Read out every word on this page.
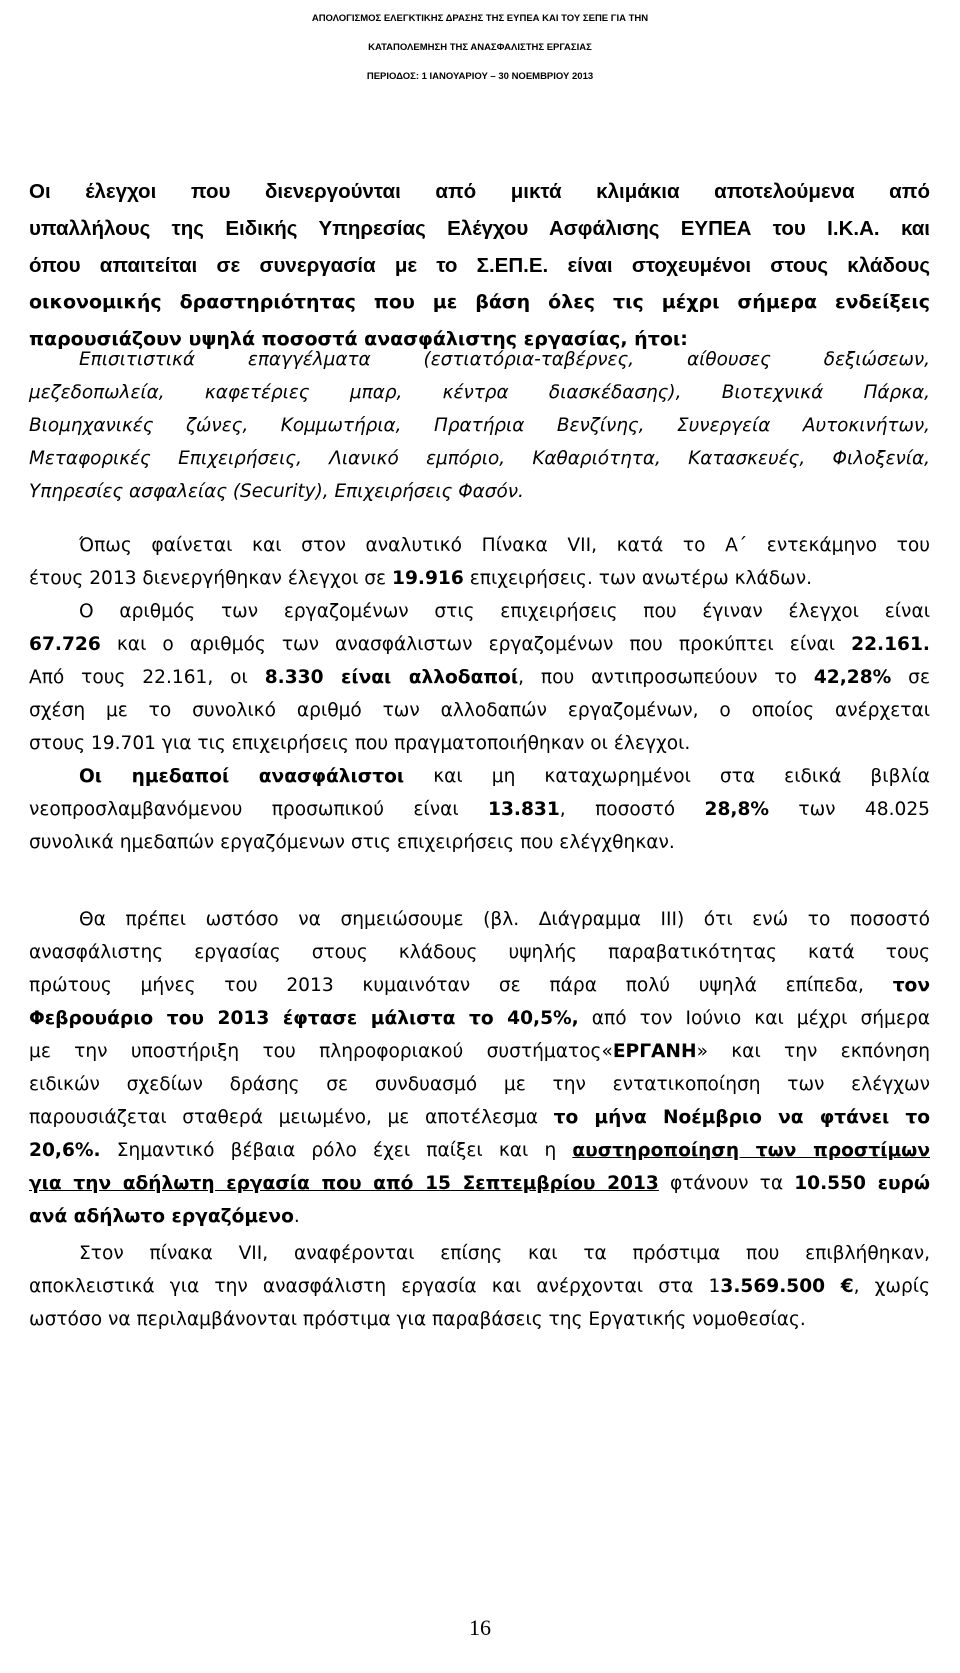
ΑΠΟΛΟΓΙΣΜΟΣ ΕΛΕΓΚΤΙΚΗΣ ΔΡΑΣΗΣ ΤΗΣ ΕΥΠΕΑ ΚΑΙ ΤΟΥ ΣΕΠΕ ΓΙΑ ΤΗΝ
ΚΑΤΑΠΟΛΕΜΗΣΗ ΤΗΣ ΑΝΑΣΦΑΛΙΣΤΗΣ ΕΡΓΑΣΙΑΣ
ΠΕΡΙΟΔΟΣ: 1 ΙΑΝΟΥΑΡΙΟΥ – 30 ΝΟΕΜΒΡΙΟΥ 2013
Οι έλεγχοι που διενεργούνται από μικτά κλιμάκια αποτελούμενα από
υπαλλήλους της Ειδικής Υπηρεσίας Ελέγχου Ασφάλισης ΕΥΠΕΑ του Ι.Κ.Α. και
όπου απαιτείται σε συνεργασία με το Σ.ΕΠ.Ε. είναι στοχευμένοι στους κλάδους
οικονομικής δραστηριότητας που με βάση όλες τις μέχρι σήμερα ενδείξεις
παρουσιάζουν υψηλά ποσοστά ανασφάλιστης εργασίας, ήτοι:
Επισιτιστικά επαγγέλματα (εστιατόρια-ταβέρνες, αίθουσες δεξιώσεων,
μεζεδοπωλεία, καφετέριες μπαρ, κέντρα διασκέδασης), Βιοτεχνικά Πάρκα,
Βιομηχανικές ζώνες, Κομμωτήρια, Πρατήρια Βενζίνης, Συνεργεία Αυτοκινήτων,
Μεταφορικές Επιχειρήσεις, Λιανικό εμπόριο, Καθαριότητα, Κατασκευές, Φιλοξενία,
Υπηρεσίες ασφαλείας (Security), Επιχειρήσεις Φασόν.
Όπως φαίνεται και στον αναλυτικό Πίνακα VII, κατά το Α΄ εντεκάμηνο του
έτους 2013 διενεργήθηκαν έλεγχοι σε 19.916 επιχειρήσεις. των ανωτέρω κλάδων.
Ο αριθμός των εργαζομένων στις επιχειρήσεις που έγιναν έλεγχοι είναι
67.726 και ο αριθμός των ανασφάλιστων εργαζομένων που προκύπτει είναι 22.161.
Από τους 22.161, οι 8.330 είναι αλλοδαποί, που αντιπροσωπεύουν το 42,28% σε
σχέση με το συνολικό αριθμό των αλλοδαπών εργαζομένων, ο οποίος ανέρχεται
στους 19.701 για τις επιχειρήσεις που πραγματοποιήθηκαν οι έλεγχοι.
Οι ημεδαποί ανασφάλιστοι και μη καταχωρημένοι στα ειδικά βιβλία
νεοπροσλαμβανόμενου προσωπικού είναι 13.831, ποσοστό 28,8% των 48.025
συνολικά ημεδαπών εργαζόμενων στις επιχειρήσεις που ελέγχθηκαν.
Θα πρέπει ωστόσο να σημειώσουμε (βλ. Διάγραμμα ΙΙΙ) ότι ενώ το ποσοστό
ανασφάλιστης εργασίας στους κλάδους υψηλής παραβατικότητας κατά τους
πρώτους μήνες του 2013 κυμαινόταν σε πάρα πολύ υψηλά επίπεδα, τον
Φεβρουάριο του 2013 έφτασε μάλιστα το 40,5%, από τον Ιούνιο και μέχρι σήμερα
με την υποστήριξη του πληροφοριακού συστήματος«ΕΡΓΑΝΗ» και την εκπόνηση
ειδικών σχεδίων δράσης σε συνδυασμό με την εντατικοποίηση των ελέγχων
παρουσιάζεται σταθερά μειωμένο, με αποτέλεσμα το μήνα Νοέμβριο να φτάνει το
20,6%. Σημαντικό βέβαια ρόλο έχει παίξει και η αυστηροποίηση των προστίμων
για την αδήλωτη εργασία που από 15 Σεπτεμβρίου 2013 φτάνουν τα 10.550 ευρώ
ανά αδήλωτο εργαζόμενο.
Στον πίνακα VII, αναφέρονται επίσης και τα πρόστιμα που επιβλήθηκαν,
αποκλειστικά για την ανασφάλιστη εργασία και ανέρχονται στα 13.569.500 €, χωρίς
ωστόσο να περιλαμβάνονται πρόστιμα για παραβάσεις της Εργατικής νομοθεσίας.
16
